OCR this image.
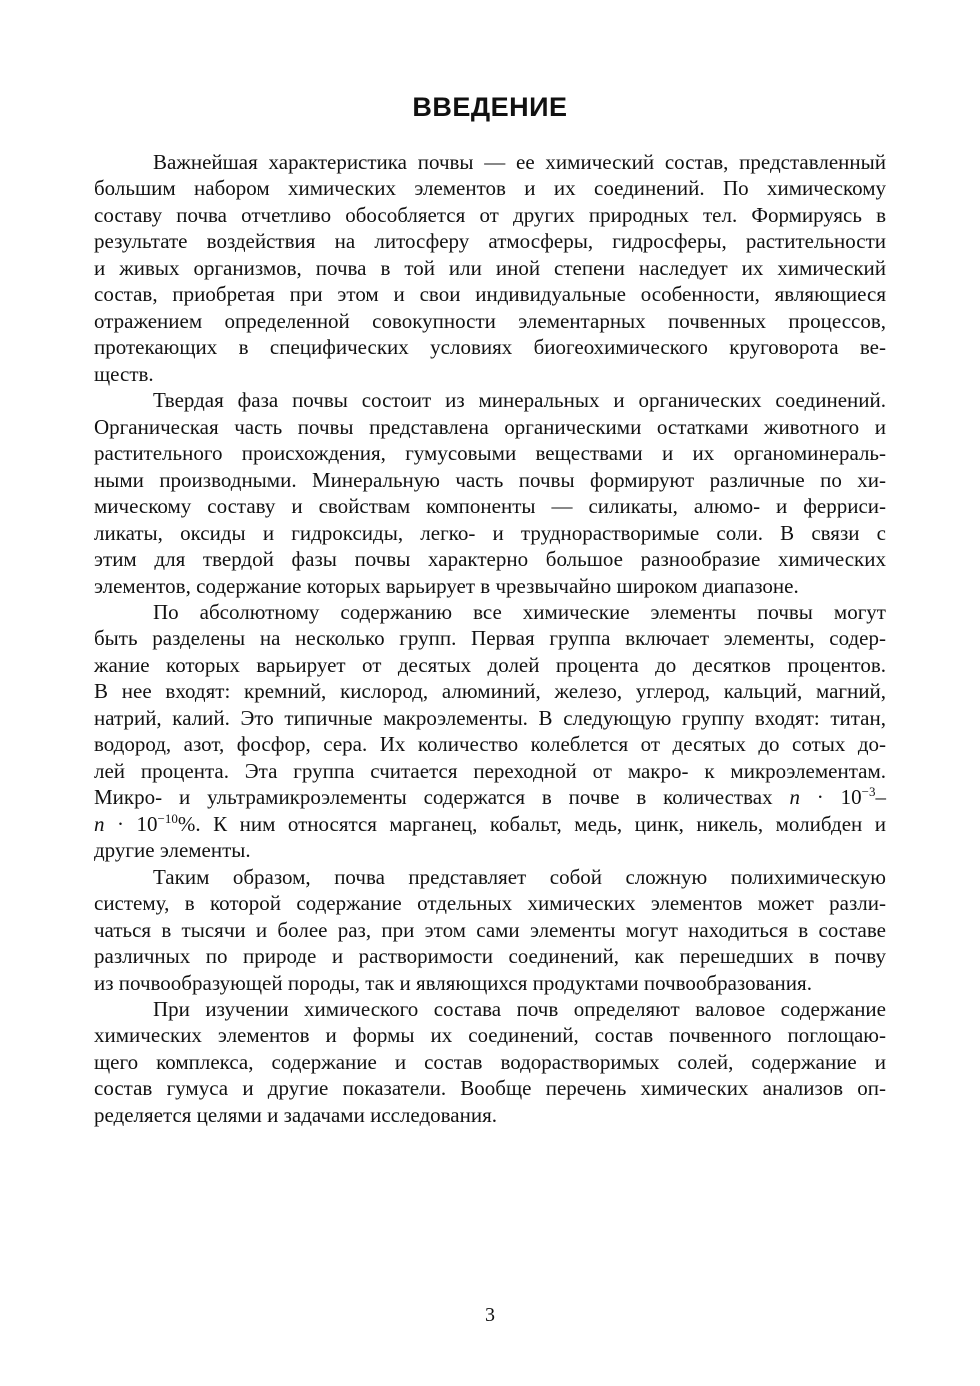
ВВЕДЕНИЕ
Важнейшая характеристика почвы — ее химический состав, представленный
большим набором химических элементов и их соединений. По химическому
составу почва отчетливо обособляется от других природных тел. Формируясь в
результате воздействия на литосферу атмосферы, гидросферы, растительности
и живых организмов, почва в той или иной степени наследует их химический
состав, приобретая при этом и свои индивидуальные особенности, являющиеся
отражением определенной совокупности элементарных почвенных процессов,
протекающих в специфических условиях биогеохимического круговорота ве-
ществ.
Твердая фаза почвы состоит из минеральных и органических соединений.
Органическая часть почвы представлена органическими остатками животного и
растительного происхождения, гумусовыми веществами и их органоминераль-
ными производными. Минеральную часть почвы формируют различные по хи-
мическому составу и свойствам компоненты — силикаты, алюмо- и ферриси-
ликаты, оксиды и гидроксиды, легко- и труднорастворимые соли. В связи с
этим для твердой фазы почвы характерно большое разнообразие химических
элементов, содержание которых варьирует в чрезвычайно широком диапазоне.
По абсолютному содержанию все химические элементы почвы могут
быть разделены на несколько групп. Первая группа включает элементы, содер-
жание которых варьирует от десятых долей процента до десятков процентов.
В нее входят: кремний, кислород, алюминий, железо, углерод, кальций, магний,
натрий, калий. Это типичные макроэлементы. В следующую группу входят: титан,
водород, азот, фосфор, сера. Их количество колеблется от десятых до сотых до-
лей процента. Эта группа считается переходной от макро- к микроэлементам.
Микро- и ультрамикроэлементы содержатся в почве в количествах $n \cdot 10^{-3}-$
$n \cdot 10^{-10}\%$. К ним относятся марганец, кобальт, медь, цинк, никель, молибден и
другие элементы.
Таким образом, почва представляет собой сложную полихимическую
систему, в которой содержание отдельных химических элементов может разли-
чаться в тысячи и более раз, при этом сами элементы могут находиться в составе
различных по природе и растворимости соединений, как перешедших в почву
из почвообразующей породы, так и являющихся продуктами почвообразования.
При изучении химического состава почв определяют валовое содержание
химических элементов и формы их соединений, состав почвенного поглощаю-
щего комплекса, содержание и состав водорастворимых солей, содержание и
состав гумуса и другие показатели. Вообще перечень химических анализов оп-
ределяется целями и задачами исследования.
3
